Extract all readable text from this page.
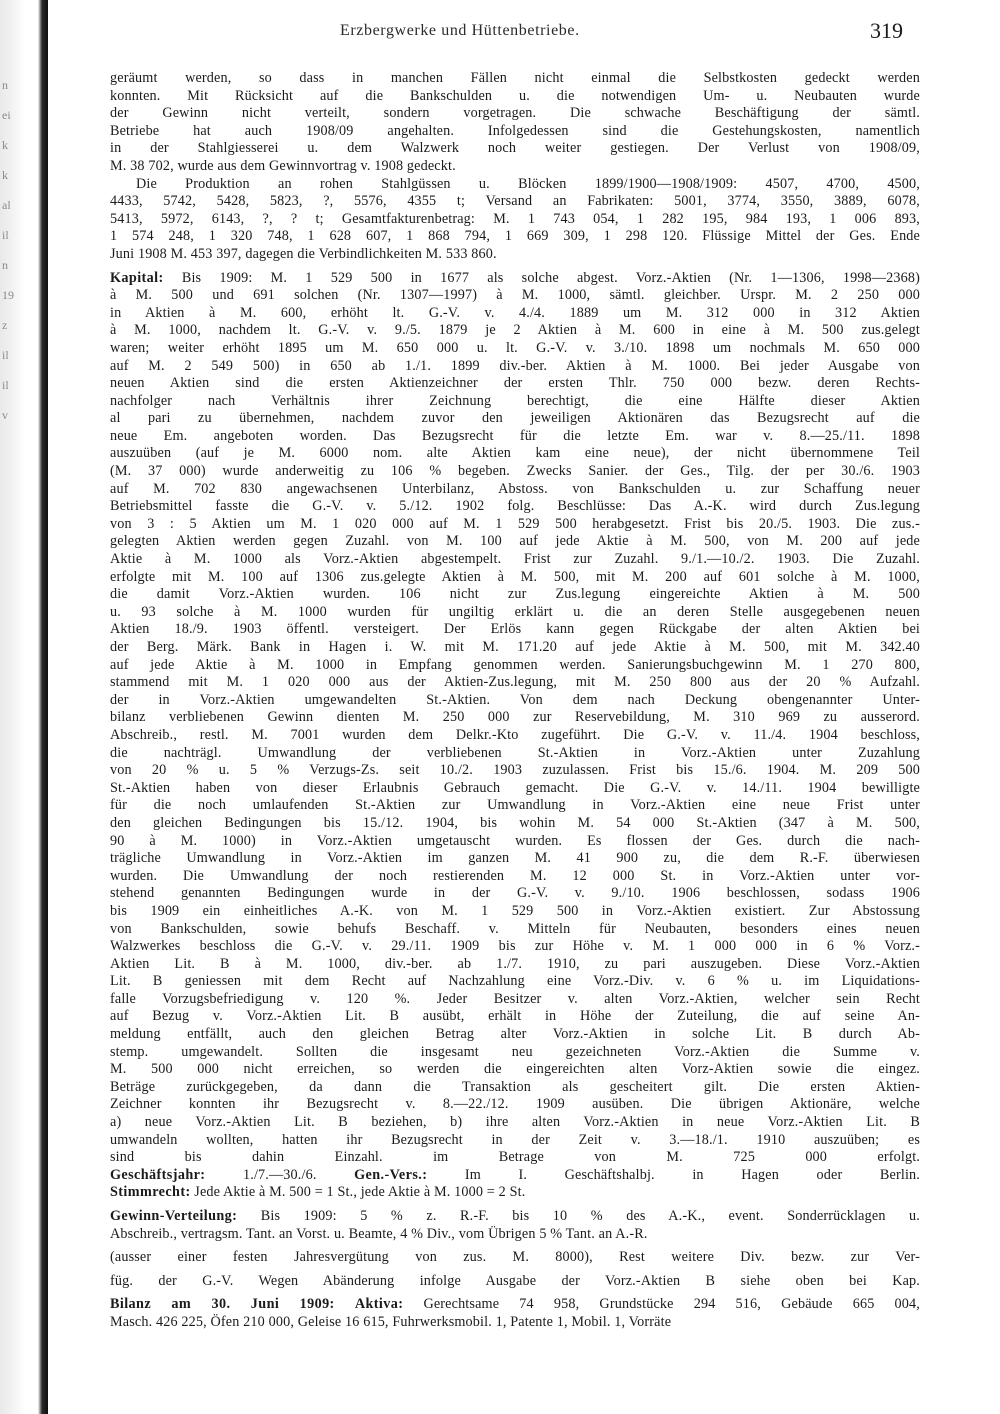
n
ei
k
k
al
il
n
19
z
il
il
v
Erzbergwerke und Hüttenbetriebe.	319
geräumt werden, so dass in manchen Fällen nicht einmal die Selbstkosten gedeckt werden
konnten. Mit Rücksicht auf die Bankschulden u. die notwendigen Um- u. Neubauten wurde
der Gewinn nicht verteilt, sondern vorgetragen. Die schwache Beschäftigung der sämtl.
Betriebe hat auch 1908/09 angehalten. Infolgedessen sind die Gestehungskosten, namentlich
in der Stahlgiesserei u. dem Walzwerk noch weiter gestiegen. Der Verlust von 1908/09,
M. 38 702, wurde aus dem Gewinnvortrag v. 1908 gedeckt.
Die Produktion an rohen Stahlgüssen u. Blöcken 1899/1900—1908/1909: 4507, 4700, 4500,
4433, 5742, 5428, 5823, ?, 5576, 4355 t; Versand an Fabrikaten: 5001, 3774, 3550, 3889, 6078,
5413, 5972, 6143, ?, ? t; Gesamtfakturenbetrag: M. 1 743 054, 1 282 195, 984 193, 1 006 893,
1 574 248, 1 320 748, 1 628 607, 1 868 794, 1 669 309, 1 298 120. Flüssige Mittel der Ges. Ende
Juni 1908 M. 453 397, dagegen die Verbindlichkeiten M. 533 860.
Kapital: Bis 1909: M. 1 529 500 in 1677 als solche abgest. Vorz.-Aktien (Nr. 1—1306, 1998—2368)
à M. 500 und 691 solchen (Nr. 1307—1997) à M. 1000, sämtl. gleichber. Urspr. M. 2 250 000
in Aktien à M. 600, erhöht lt. G.-V. v. 4./4. 1889 um M. 312 000 in 312 Aktien
à M. 1000, nachdem lt. G.-V. v. 9./5. 1879 je 2 Aktien à M. 600 in eine à M. 500 zus.gelegt
waren; weiter erhöht 1895 um M. 650 000 u. lt. G.-V. v. 3./10. 1898 um nochmals M. 650 000
auf M. 2 549 500) in 650 ab 1./1. 1899 div.-ber. Aktien à M. 1000. Bei jeder Ausgabe von
neuen Aktien sind die ersten Aktienzeichner der ersten Thlr. 750 000 bezw. deren Rechts-
nachfolger nach Verhältnis ihrer Zeichnung berechtigt, die eine Hälfte dieser Aktien
al pari zu übernehmen, nachdem zuvor den jeweiligen Aktionären das Bezugsrecht auf die
neue Em. angeboten worden. Das Bezugsrecht für die letzte Em. war v. 8.—25./11. 1898
auszuüben (auf je M. 6000 nom. alte Aktien kam eine neue), der nicht übernommene Teil
(M. 37 000) wurde anderweitig zu 106 % begeben. Zwecks Sanier. der Ges., Tilg. der per 30./6. 1903
auf M. 702 830 angewachsenen Unterbilanz, Abstoss. von Bankschulden u. zur Schaffung neuer
Betriebsmittel fasste die G.-V. v. 5./12. 1902 folg. Beschlüsse: Das A.-K. wird durch Zus.legung
von 3 : 5 Aktien um M. 1 020 000 auf M. 1 529 500 herabgesetzt. Frist bis 20./5. 1903. Die zus.-
gelegten Aktien werden gegen Zuzahl. von M. 100 auf jede Aktie à M. 500, von M. 200 auf jede
Aktie à M. 1000 als Vorz.-Aktien abgestempelt. Frist zur Zuzahl. 9./1.—10./2. 1903. Die Zuzahl.
erfolgte mit M. 100 auf 1306 zus.gelegte Aktien à M. 500, mit M. 200 auf 601 solche à M. 1000,
die damit Vorz.-Aktien wurden. 106 nicht zur Zus.legung eingereichte Aktien à M. 500
u. 93 solche à M. 1000 wurden für ungiltig erklärt u. die an deren Stelle ausgegebenen neuen
Aktien 18./9. 1903 öffentl. versteigert. Der Erlös kann gegen Rückgabe der alten Aktien bei
der Berg. Märk. Bank in Hagen i. W. mit M. 171.20 auf jede Aktie à M. 500, mit M. 342.40
auf jede Aktie à M. 1000 in Empfang genommen werden. Sanierungsbuchgewinn M. 1 270 800,
stammend mit M. 1 020 000 aus der Aktien-Zus.legung, mit M. 250 800 aus der 20 % Aufzahl.
der in Vorz.-Aktien umgewandelten St.-Aktien. Von dem nach Deckung obengenannter Unter-
bilanz verbliebenen Gewinn dienten M. 250 000 zur Reservebildung, M. 310 969 zu ausserord.
Abschreib., restl. M. 7001 wurden dem Delkr.-Kto zugeführt. Die G.-V. v. 11./4. 1904 beschloss,
die nachträgl. Umwandlung der verbliebenen St.-Aktien in Vorz.-Aktien unter Zuzahlung
von 20 % u. 5 % Verzugs-Zs. seit 10./2. 1903 zuzulassen. Frist bis 15./6. 1904. M. 209 500
St.-Aktien haben von dieser Erlaubnis Gebrauch gemacht. Die G.-V. v. 14./11. 1904 bewilligte
für die noch umlaufenden St.-Aktien zur Umwandlung in Vorz.-Aktien eine neue Frist unter
den gleichen Bedingungen bis 15./12. 1904, bis wohin M. 54 000 St.-Aktien (347 à M. 500,
90 à M. 1000) in Vorz.-Aktien umgetauscht wurden. Es flossen der Ges. durch die nach-
trägliche Umwandlung in Vorz.-Aktien im ganzen M. 41 900 zu, die dem R.-F. überwiesen
wurden. Die Umwandlung der noch restierenden M. 12 000 St. in Vorz.-Aktien unter vor-
stehend genannten Bedingungen wurde in der G.-V. v. 9./10. 1906 beschlossen, sodass 1906
bis 1909 ein einheitliches A.-K. von M. 1 529 500 in Vorz.-Aktien existiert. Zur Abstossung
von Bankschulden, sowie behufs Beschaff. v. Mitteln für Neubauten, besonders eines neuen
Walzwerkes beschloss die G.-V. v. 29./11. 1909 bis zur Höhe v. M. 1 000 000 in 6 % Vorz.-
Aktien Lit. B à M. 1000, div.-ber. ab 1./7. 1910, zu pari auszugeben. Diese Vorz.-Aktien
Lit. B geniessen mit dem Recht auf Nachzahlung eine Vorz.-Div. v. 6 % u. im Liquidations-
falle Vorzugsbefriedigung v. 120 %. Jeder Besitzer v. alten Vorz.-Aktien, welcher sein Recht
auf Bezug v. Vorz.-Aktien Lit. B ausübt, erhält in Höhe der Zuteilung, die auf seine An-
meldung entfällt, auch den gleichen Betrag alter Vorz.-Aktien in solche Lit. B durch Ab-
stemp. umgewandelt. Sollten die insgesamt neu gezeichneten Vorz.-Aktien die Summe v.
M. 500 000 nicht erreichen, so werden die eingereichten alten Vorz-Aktien sowie die eingez.
Beträge zurückgegeben, da dann die Transaktion als gescheitert gilt. Die ersten Aktien-
Zeichner konnten ihr Bezugsrecht v. 8.—22./12. 1909 ausüben. Die übrigen Aktionäre, welche
a) neue Vorz.-Aktien Lit. B beziehen, b) ihre alten Vorz.-Aktien in neue Vorz.-Aktien Lit. B
umwandeln wollten, hatten ihr Bezugsrecht in der Zeit v. 3.—18./1. 1910 auszuüben; es
sind bis dahin Einzahl. im Betrage von M. 725 000 erfolgt.
Geschäftsjahr: 1./7.—30./6. Gen.-Vers.: Im I. Geschäftshalbj. in Hagen oder Berlin.
Stimmrecht: Jede Aktie à M. 500 = 1 St., jede Aktie à M. 1000 = 2 St.
Gewinn-Verteilung: Bis 1909: 5 % z. R.-F. bis 10 % des A.-K., event. Sonderrücklagen u.
Abschreib., vertragsm. Tant. an Vorst. u. Beamte, 4 % Div., vom Übrigen 5 % Tant. an A.-R.
(ausser einer festen Jahresvergütung von zus. M. 8000), Rest weitere Div. bezw. zur Ver-
füg. der G.-V. Wegen Abänderung infolge Ausgabe der Vorz.-Aktien B siehe oben bei Kap.
Bilanz am 30. Juni 1909: Aktiva: Gerechtsame 74 958, Grundstücke 294 516, Gebäude 665 004,
Masch. 426 225, Öfen 210 000, Geleise 16 615, Fuhrwerksmobil. 1, Patente 1, Mobil. 1, Vorräte
